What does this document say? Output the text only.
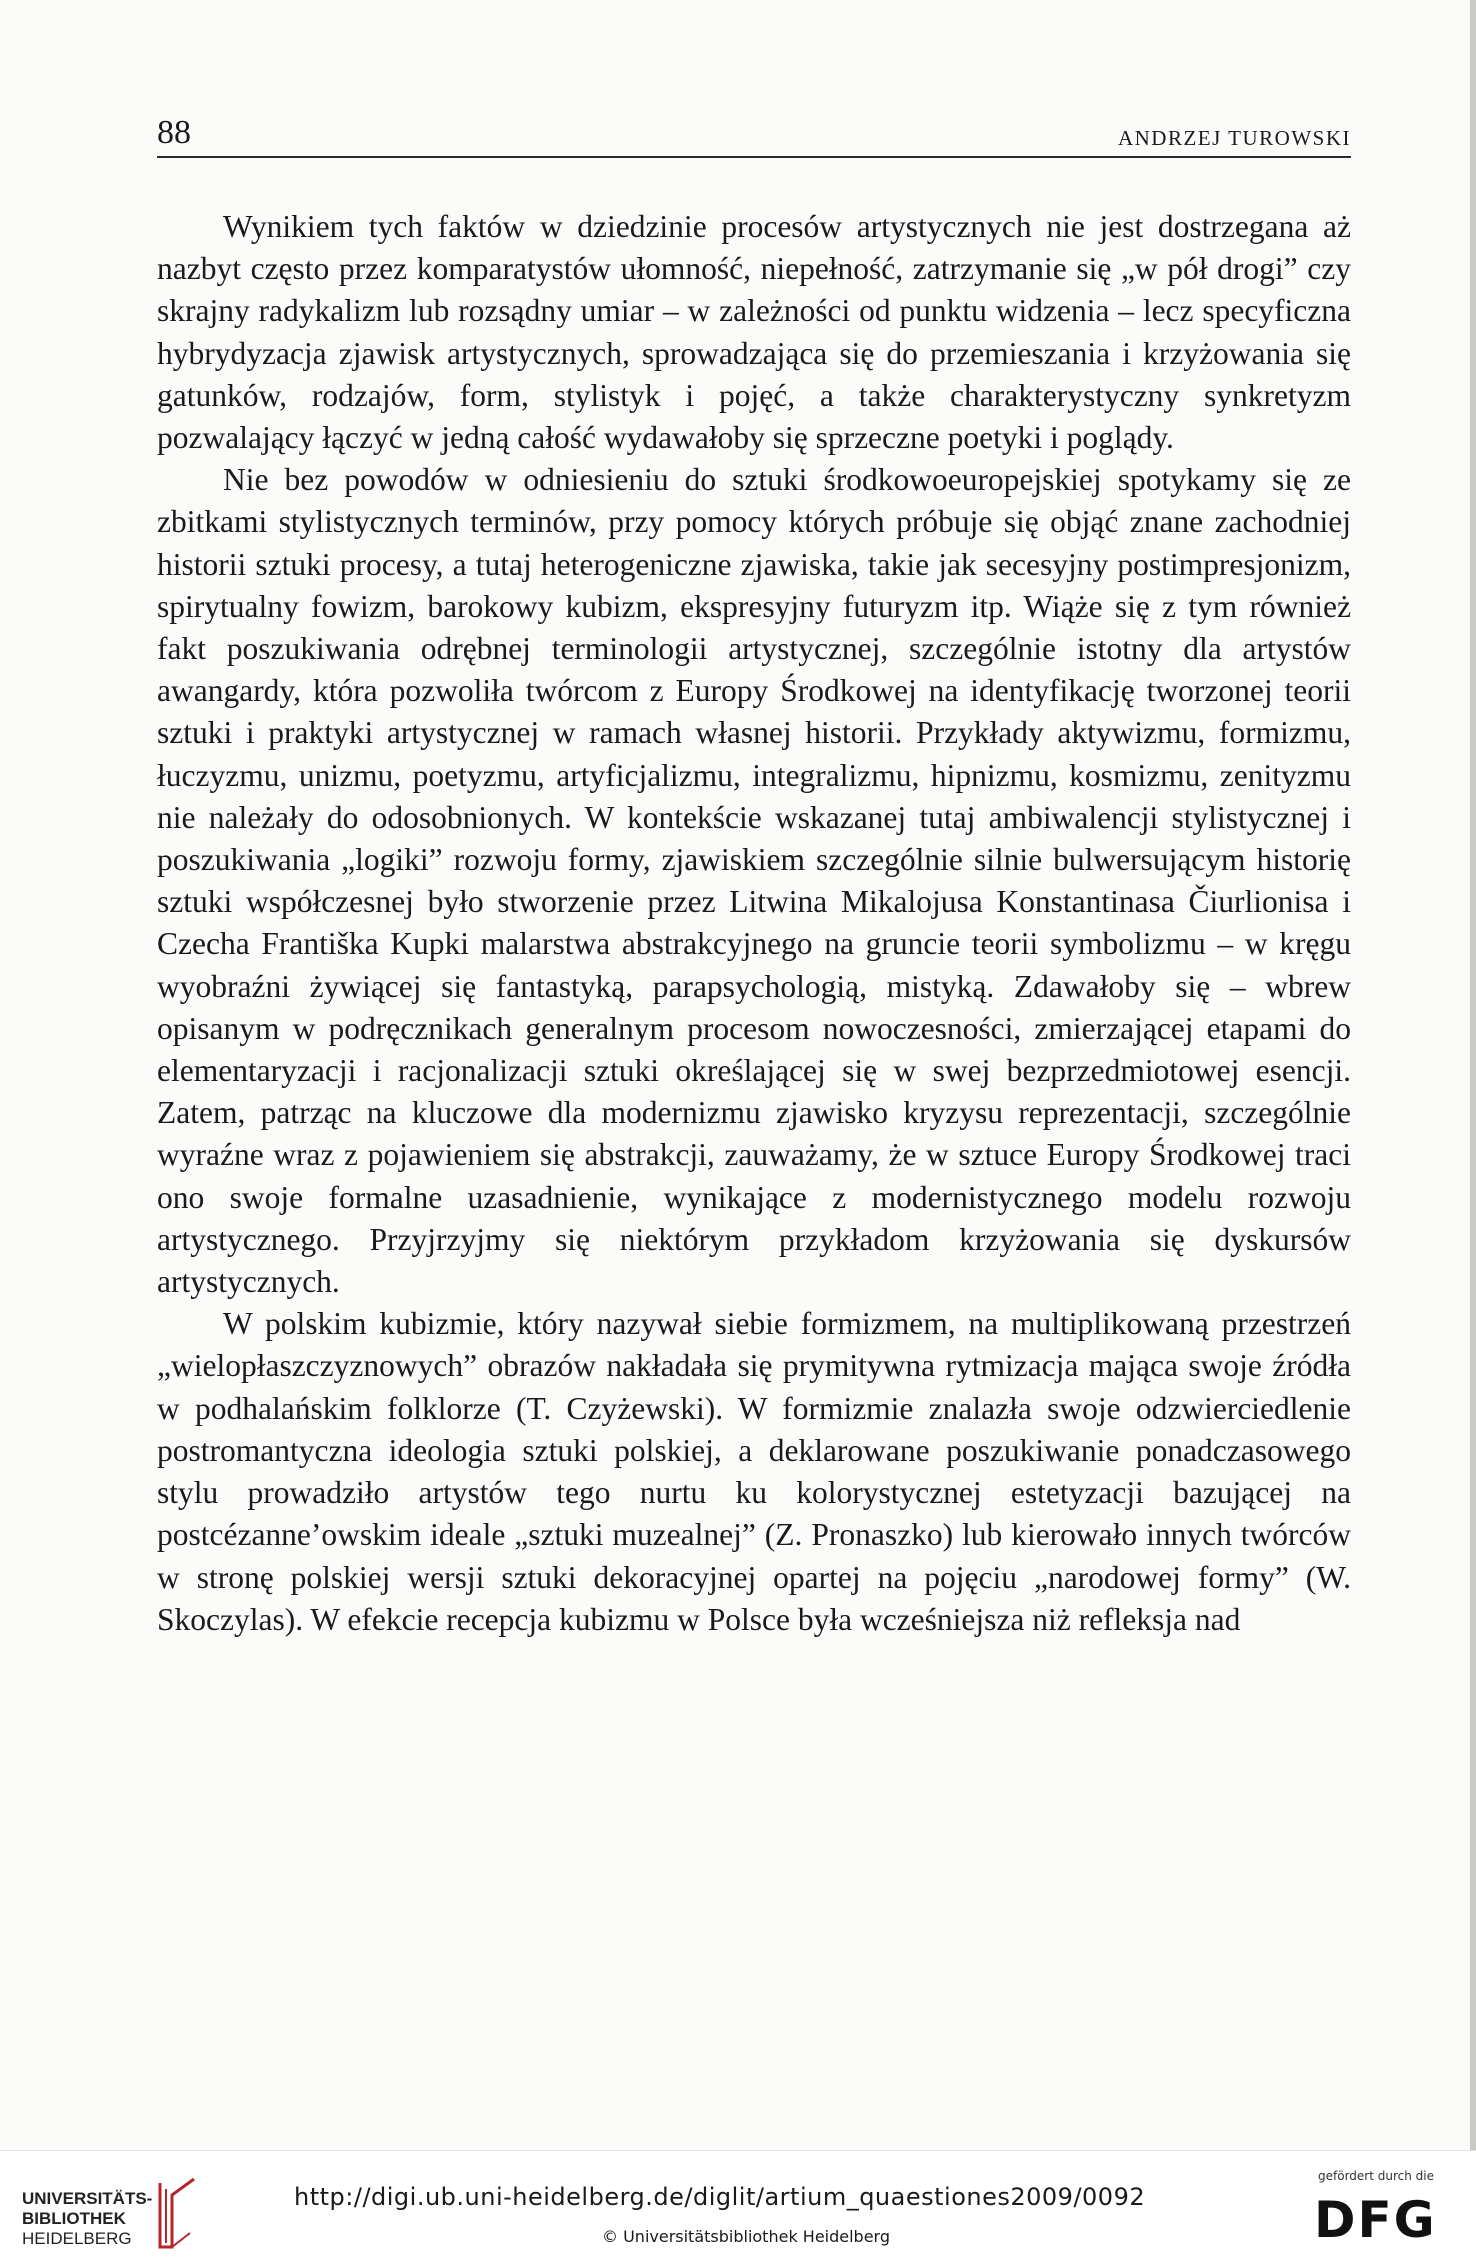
88	ANDRZEJ TUROWSKI

Wynikiem tych faktów w dziedzinie procesów artystycznych nie jest dostrzegana aż nazbyt często przez komparatystów ułomność, niepełność, zatrzymanie się „w pół drogi” czy skrajny radykalizm lub rozsądny umiar – w zależności od punktu widzenia – lecz specyficzna hybrydyzacja zjawisk artystycznych, sprowadzająca się do przemieszania i krzyżowania się gatunków, rodzajów, form, stylistyk i pojęć, a także charakterystyczny synkretyzm pozwalający łączyć w jedną całość wydawałoby się sprzeczne poetyki i poglądy.

Nie bez powodów w odniesieniu do sztuki środkowoeuropejskiej spotykamy się ze zbitkami stylistycznych terminów, przy pomocy których próbuje się objąć znane zachodniej historii sztuki procesy, a tutaj heterogeniczne zjawiska, takie jak secesyjny postimpresjonizm, spirytualny fowizm, barokowy kubizm, ekspresyjny futuryzm itp. Wiąże się z tym również fakt poszukiwania odrębnej terminologii artystycznej, szczególnie istotny dla artystów awangardy, która pozwoliła twórcom z Europy Środkowej na identyfikację tworzonej teorii sztuki i praktyki artystycznej w ramach własnej historii. Przykłady aktywizmu, formizmu, łuczyzmu, unizmu, poetyzmu, artyficjalizmu, integralizmu, hipnizmu, kosmizmu, zenityzmu nie należały do odosobnionych. W kontekście wskazanej tutaj ambiwalencji stylistycznej i poszukiwania „logiki” rozwoju formy, zjawiskiem szczególnie silnie bulwersującym historię sztuki współczesnej było stworzenie przez Litwina Mikalojusa Konstantinasa Čiurlionisa i Czecha Františka Kupki malarstwa abstrakcyjnego na gruncie teorii symbolizmu – w kręgu wyobraźni żywiącej się fantastyką, parapsychologią, mistyką. Zdawałoby się – wbrew opisanym w podręcznikach generalnym procesom nowoczesności, zmierzającej etapami do elementaryzacji i racjonalizacji sztuki określającej się w swej bezprzedmiotowej esencji. Zatem, patrząc na kluczowe dla modernizmu zjawisko kryzysu reprezentacji, szczególnie wyraźne wraz z pojawieniem się abstrakcji, zauważamy, że w sztuce Europy Środkowej traci ono swoje formalne uzasadnienie, wynikające z modernistycznego modelu rozwoju artystycznego. Przyjrzyjmy się niektórym przykładom krzyżowania się dyskursów artystycznych.

W polskim kubizmie, który nazywał siebie formizmem, na multiplikowaną przestrzeń „wielopłaszczyznowych” obrazów nakładała się prymitywna rytmizacja mająca swoje źródła w podhalańskim folklorze (T. Czyżewski). W formizmie znalazła swoje odzwierciedlenie postromantyczna ideologia sztuki polskiej, a deklarowane poszukiwanie ponadczasowego stylu prowadziło artystów tego nurtu ku kolorystycznej estetyzacji bazującej na postcézanne’owskim ideale „sztuki muzealnej” (Z. Pronaszko) lub kierowało innych twórców w stronę polskiej wersji sztuki dekoracyjnej opartej na pojęciu „narodowej formy” (W. Skoczylas). W efekcie recepcja kubizmu w Polsce była wcześniejsza niż refleksja nad

UNIVERSITÄTS-
BIBLIOTHEK
HEIDELBERG
http://digi.ub.uni-heidelberg.de/diglit/artium_quaestiones2009/0092
© Universitätsbibliothek Heidelberg
gefördert durch die
DFG
